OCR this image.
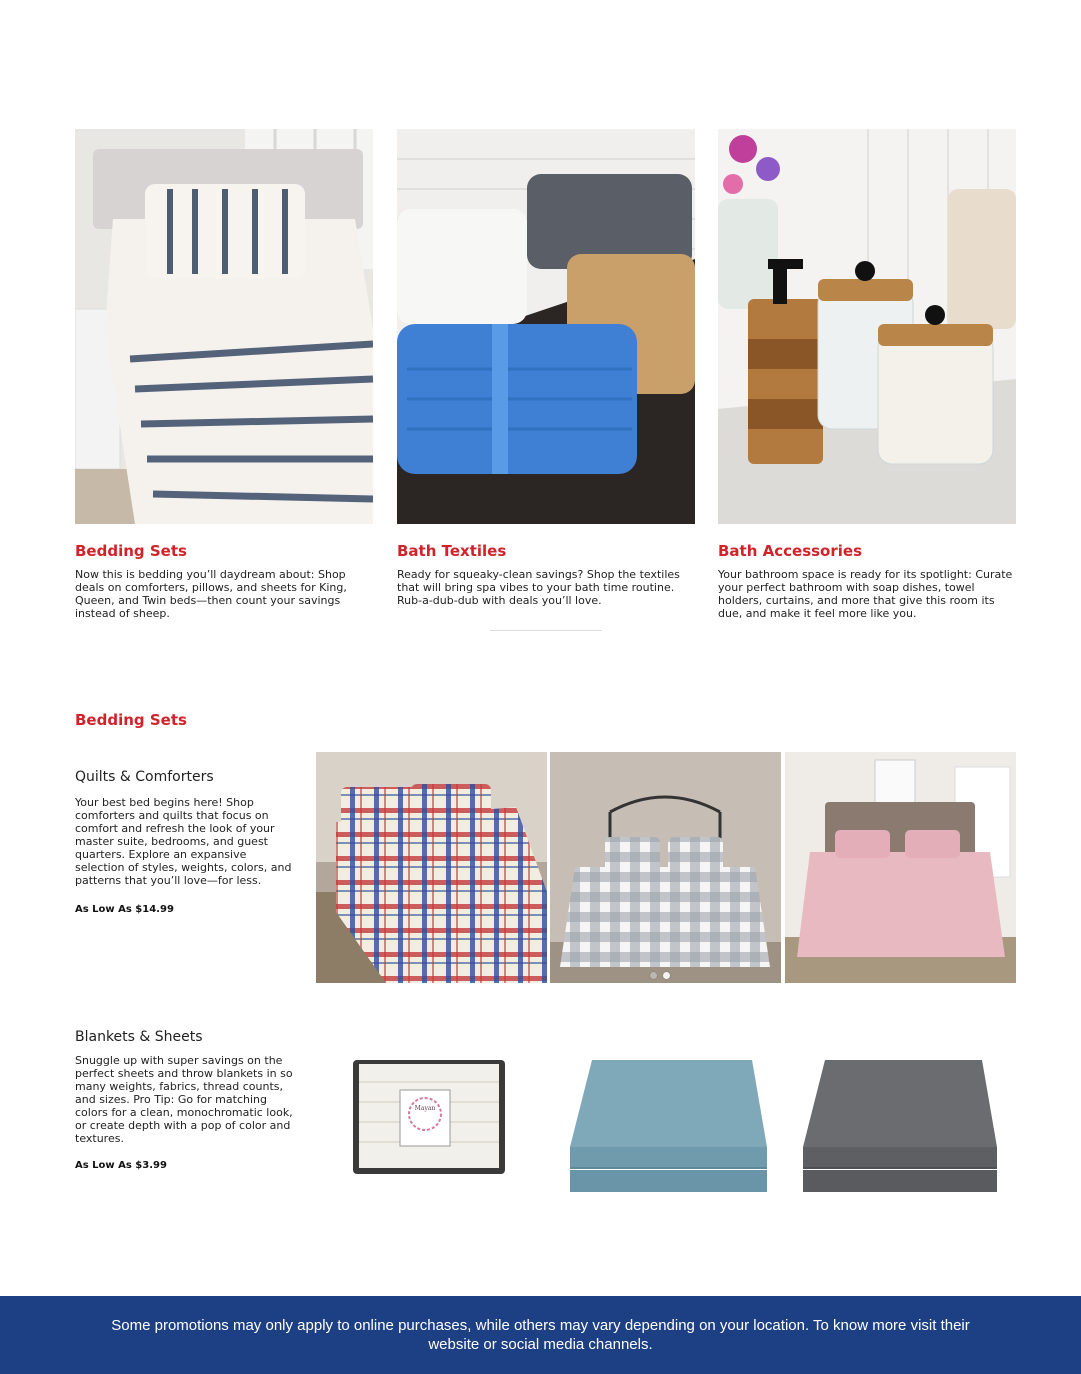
Bedding Sets
Now this is bedding you’ll daydream about: Shop deals on comforters, pillows, and sheets for King, Queen, and Twin beds—then count your savings instead of sheep.
Bath Textiles
Ready for squeaky-clean savings? Shop the textiles that will bring spa vibes to your bath time routine. Rub-a-dub-dub with deals you’ll love.
Bath Accessories
Your bathroom space is ready for its spotlight: Curate your perfect bathroom with soap dishes, towel holders, curtains, and more that give this room its due, and make it feel more like you.
Bedding Sets
Quilts & Comforters
Your best bed begins here! Shop comforters and quilts that focus on comfort and refresh the look of your master suite, bedrooms, and guest quarters. Explore an expansive selection of styles, weights, colors, and patterns that you’ll love—for less.
As Low As $14.99
Blankets & Sheets
Snuggle up with super savings on the perfect sheets and throw blankets in so many weights, fabrics, thread counts, and sizes. Pro Tip: Go for matching colors for a clean, monochromatic look, or create depth with a pop of color and textures.
As Low As $3.99
Mayan

Some promotions may only apply to online purchases, while others may vary depending on your location. To know more visit their website or social media channels.
